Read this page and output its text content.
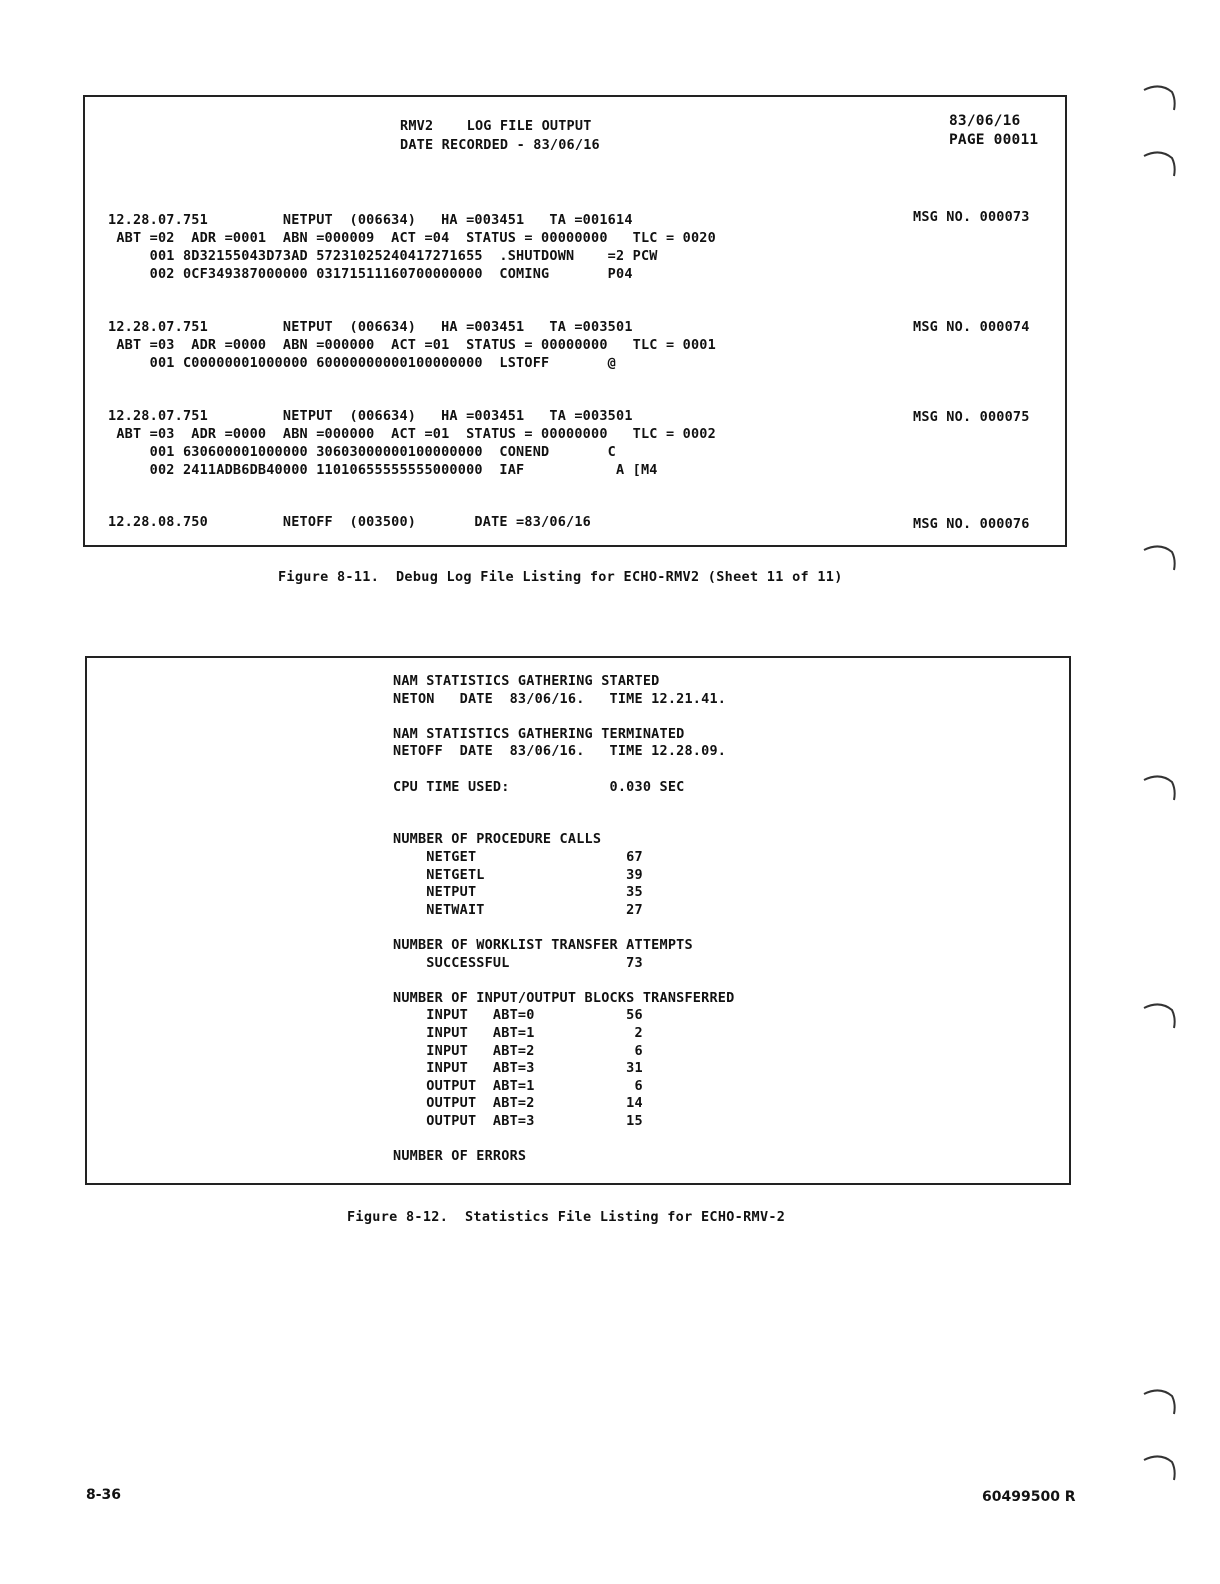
RMV2    LOG FILE OUTPUT
DATE RECORDED - 83/06/16
83/06/16
PAGE 00011
12.28.07.751         NETPUT  (006634)   HA =003451   TA =001614
ABT =02  ADR =0001  ABN =000009  ACT =04  STATUS = 00000000   TLC = 0020
001 8D32155043D73AD 57231025240417271655  .SHUTDOWN    =2 PCW
002 0CF349387000000 03171511160700000000  COMING       P04
MSG NO. 000073
12.28.07.751         NETPUT  (006634)   HA =003451   TA =003501
ABT =03  ADR =0000  ABN =000000  ACT =01  STATUS = 00000000   TLC = 0001
001 C00000001000000 60000000000100000000  LSTOFF       @
MSG NO. 000074
12.28.07.751         NETPUT  (006634)   HA =003451   TA =003501
ABT =03  ADR =0000  ABN =000000  ACT =01  STATUS = 00000000   TLC = 0002
001 630600001000000 30603000000100000000  CONEND       C
002 2411ADB6DB40000 11010655555555000000  IAF           A [M4
MSG NO. 000075
12.28.08.750         NETOFF  (003500)       DATE =83/06/16	MSG NO. 000076
Figure 8-11.  Debug Log File Listing for ECHO-RMV2 (Sheet 11 of 11)
NAM STATISTICS GATHERING STARTED
NETON   DATE  83/06/16.   TIME 12.21.41.
NAM STATISTICS GATHERING TERMINATED
NETOFF  DATE  83/06/16.   TIME 12.28.09.
CPU TIME USED:            0.030 SEC
NUMBER OF PROCEDURE CALLS
NETGET                  67
NETGETL                 39
NETPUT                  35
NETWAIT                 27
NUMBER OF WORKLIST TRANSFER ATTEMPTS
SUCCESSFUL              73
NUMBER OF INPUT/OUTPUT BLOCKS TRANSFERRED
INPUT   ABT=0           56
INPUT   ABT=1            2
INPUT   ABT=2            6
INPUT   ABT=3           31
OUTPUT  ABT=1            6
OUTPUT  ABT=2           14
OUTPUT  ABT=3           15
NUMBER OF ERRORS
Figure 8-12.  Statistics File Listing for ECHO-RMV-2
8-36	60499500 R
